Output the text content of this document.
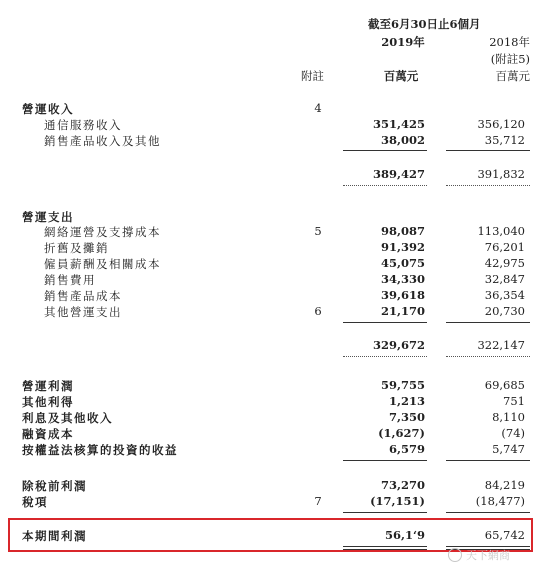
截至6月30日止6個月
2019年	2018年
(附註5)
附註	百萬元	百萬元
營運收入	4
通信服務收入	351,425	356,120
銷售產品收入及其他	38,002	35,712
389,427	391,832
營運支出
網絡運營及支撐成本	5	98,087	113,040
折舊及攤銷	91,392	76,201
僱員薪酬及相關成本	45,075	42,975
銷售費用	34,330	32,847
銷售產品成本	39,618	36,354
其他營運支出	6	21,170	20,730
329,672	322,147
營運利潤	59,755	69,685
其他利得	1,213	751
利息及其他收入	7,350	8,110
融資成本	(1,627)	(74)
按權益法核算的投資的收益	6,579	5,747
除稅前利潤	73,270	84,219
稅項	7	(17,151)	(18,477)
本期間利潤	56,1‘9	65,742
天下網商
